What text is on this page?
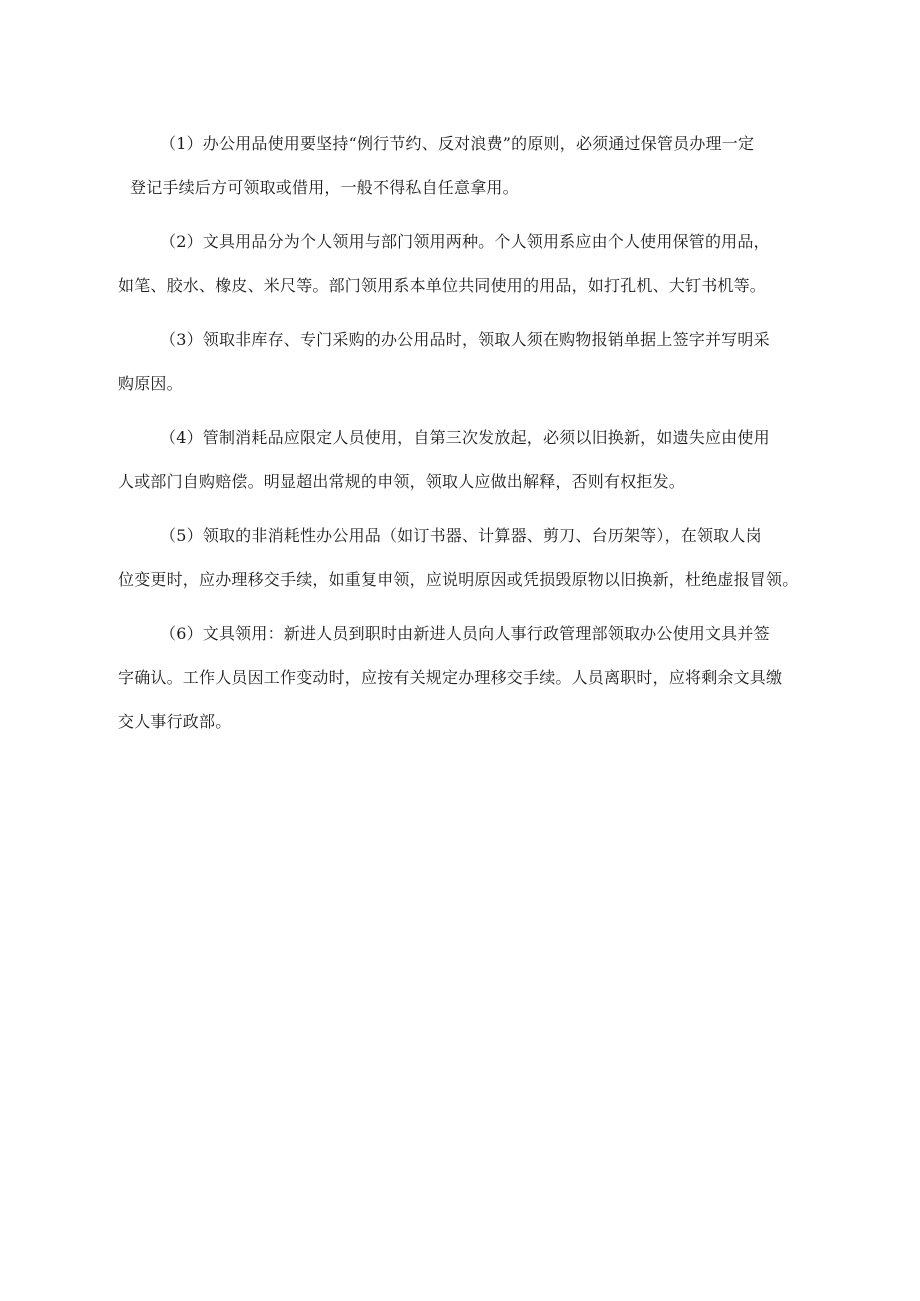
（1）办公用品使用要坚持“例行节约、反对浪费”的原则，必须通过保管员办理一定
登记手续后方可领取或借用，一般不得私自任意拿用。

（2）文具用品分为个人领用与部门领用两种。个人领用系应由个人使用保管的用品，
如笔、胶水、橡皮、米尺等。部门领用系本单位共同使用的用品，如打孔机、大钉书机等。

（3）领取非库存、专门采购的办公用品时，领取人须在购物报销单据上签字并写明采
购原因。

（4）管制消耗品应限定人员使用，自第三次发放起，必须以旧换新，如遗失应由使用
人或部门自购赔偿。明显超出常规的申领，领取人应做出解释，否则有权拒发。

（5）领取的非消耗性办公用品（如订书器、计算器、剪刀、台历架等），在领取人岗
位变更时，应办理移交手续，如重复申领，应说明原因或凭损毁原物以旧换新，杜绝虚报冒领。

（6）文具领用：新进人员到职时由新进人员向人事行政管理部领取办公使用文具并签
字确认。工作人员因工作变动时，应按有关规定办理移交手续。人员离职时，应将剩余文具缴
交人事行政部。
